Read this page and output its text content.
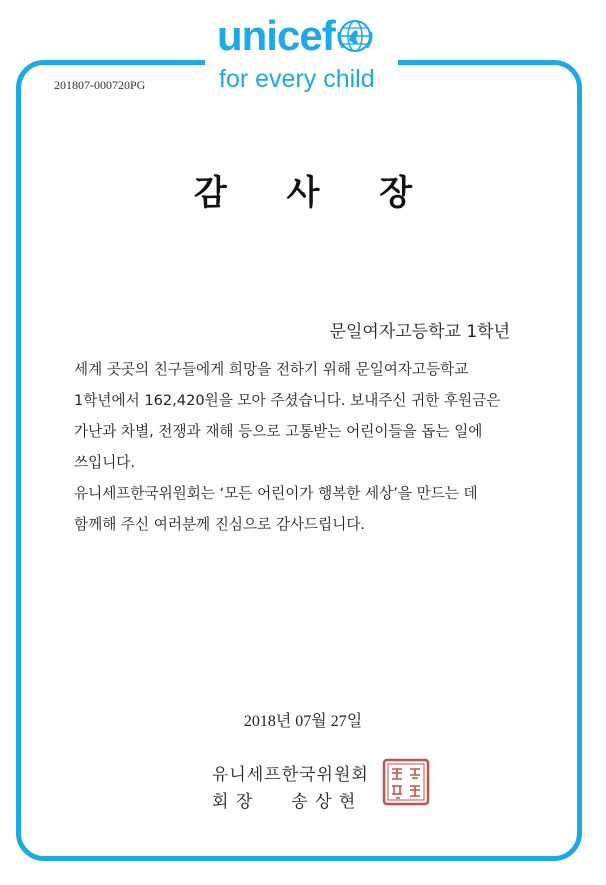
unicef
for every child
201807-000720PG
감 사 장
문일여자고등학교 1학년

세계 곳곳의 친구들에게 희망을 전하기 위해 문일여자고등학교

1학년에서 162,420원을 모아 주셨습니다. 보내주신 귀한 후원금은

가난과 차별, 전쟁과 재해 등으로 고통받는 어린이들을 돕는 일에

쓰입니다.

유니세프한국위원회는 ‘모든 어린이가 행복한 세상’을 만드는 데

함께해 주신 여러분께 진심으로 감사드립니다.

2018년 07월 27일
유니세프한국위원회
회 장 송 상 현
